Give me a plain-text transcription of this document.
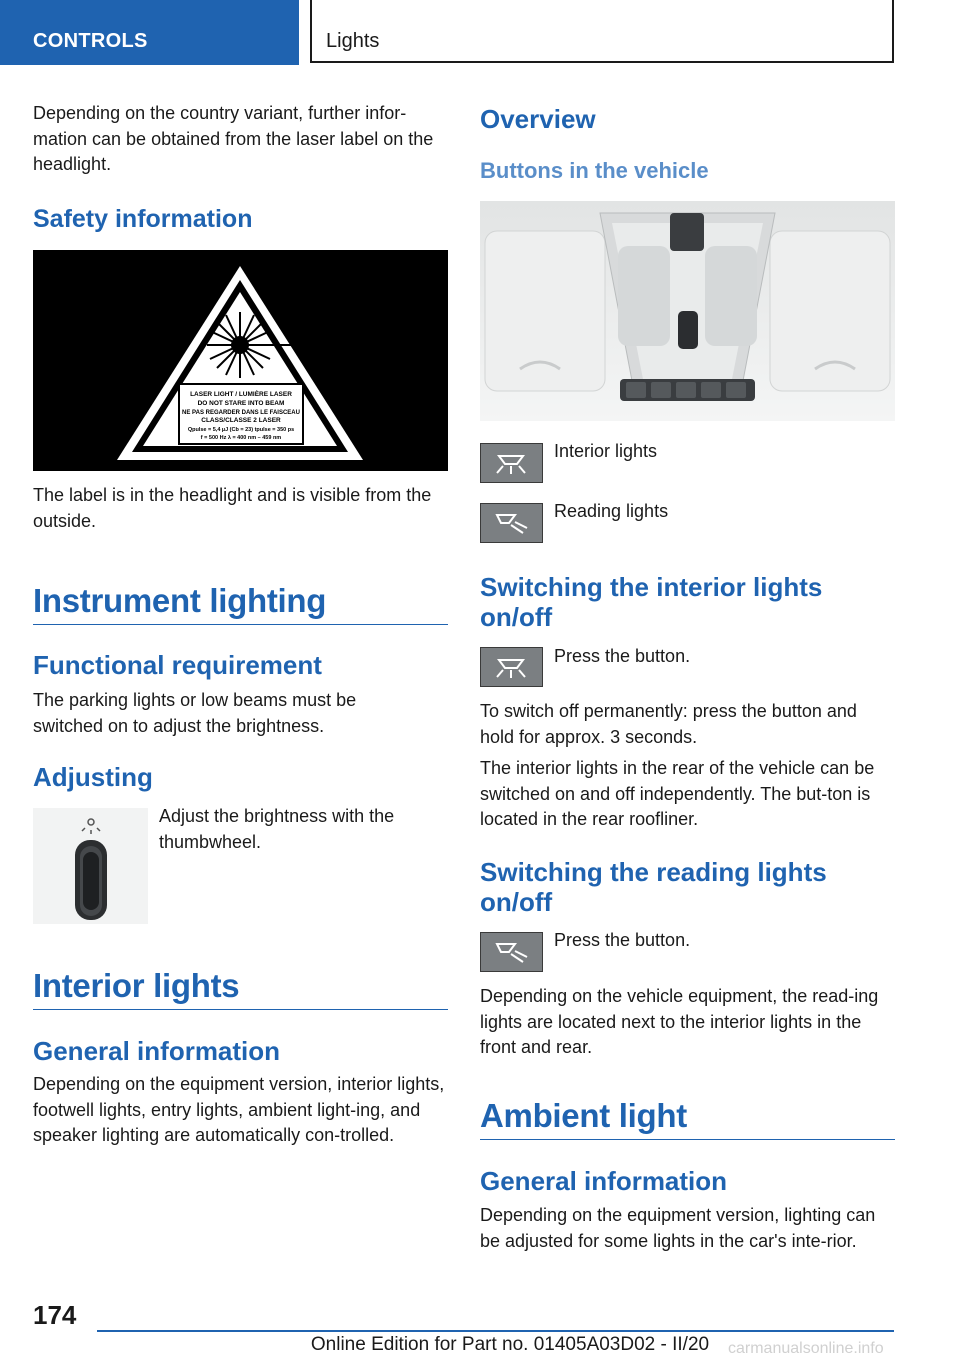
CONTROLS	Lights

Depending on the country variant, further infor-mation can be obtained from the laser label on the headlight.

Safety information
LASER LIGHT / LUMIÈRE LASER
DO NOT STARE INTO BEAM
NE PAS REGARDER DANS LE FAISCEAU
CLASS/CLASSE 2 LASER
Qpulse = 5,4 µJ (Cb = 23) tpulse = 350 ps
f = 500 Hz λ = 400 nm – 459 nm

The label is in the headlight and is visible from the outside.

Instrument lighting
Functional requirement

The parking lights or low beams must be switched on to adjust the brightness.

Adjusting

Adjust the brightness with the thumbwheel.

Interior lights
General information

Depending on the equipment version, interior lights, footwell lights, entry lights, ambient light-ing, and speaker lighting are automatically con-trolled.

Overview
Buttons in the vehicle

Interior lights

Reading lights

Switching the interior lights on/off

Press the button.

To switch off permanently: press the button and hold for approx. 3 seconds.

The interior lights in the rear of the vehicle can be switched on and off independently. The but-ton is located in the rear roofliner.

Switching the reading lights on/off

Press the button.

Depending on the vehicle equipment, the read-ing lights are located next to the interior lights in the front and rear.

Ambient light
General information

Depending on the equipment version, lighting can be adjusted for some lights in the car's inte-rior.

174
Online Edition for Part no. 01405A03D02 - II/20	carmanualsonline.info
